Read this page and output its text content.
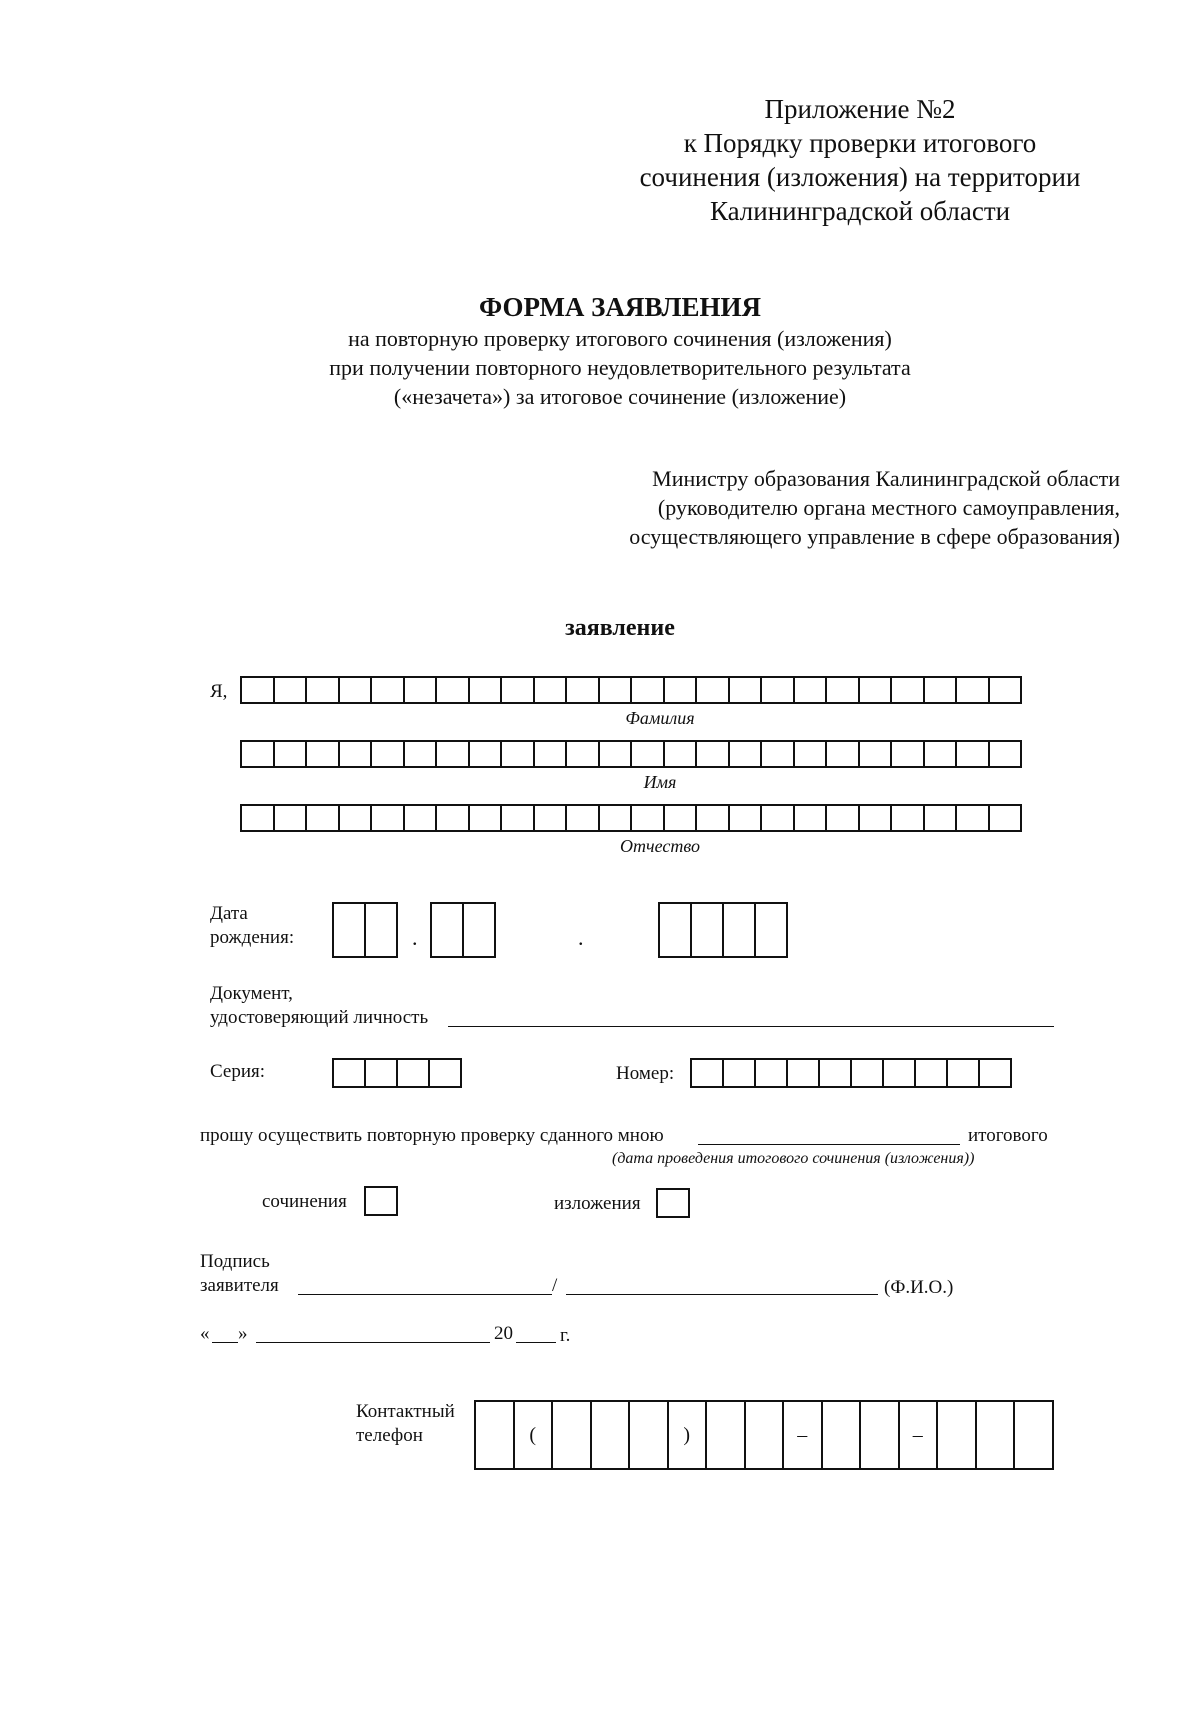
Приложение №2
к Порядку проверки итогового
сочинения (изложения) на территории
Калининградской области
ФОРМА ЗАЯВЛЕНИЯ
на повторную проверку итогового сочинения (изложения)
при получении повторного неудовлетворительного результата
(«незачета») за итоговое сочинение (изложение)
Министру образования Калининградской области
(руководителю органа местного самоуправления,
осуществляющего управление в сфере образования)
заявление
Я,
Фамилия
Имя
Отчество
Дата
рождения:	.	.
Документ,
удостоверяющий личность
Серия:	Номер:
прошу осуществить повторную проверку сданного мною	итогового
(дата проведения итогового сочинения (изложения))
сочинения	изложения
Подпись
заявителя	/	(Ф.И.О.)
« »	20 г.
Контактный
телефон	(	)	–	–
